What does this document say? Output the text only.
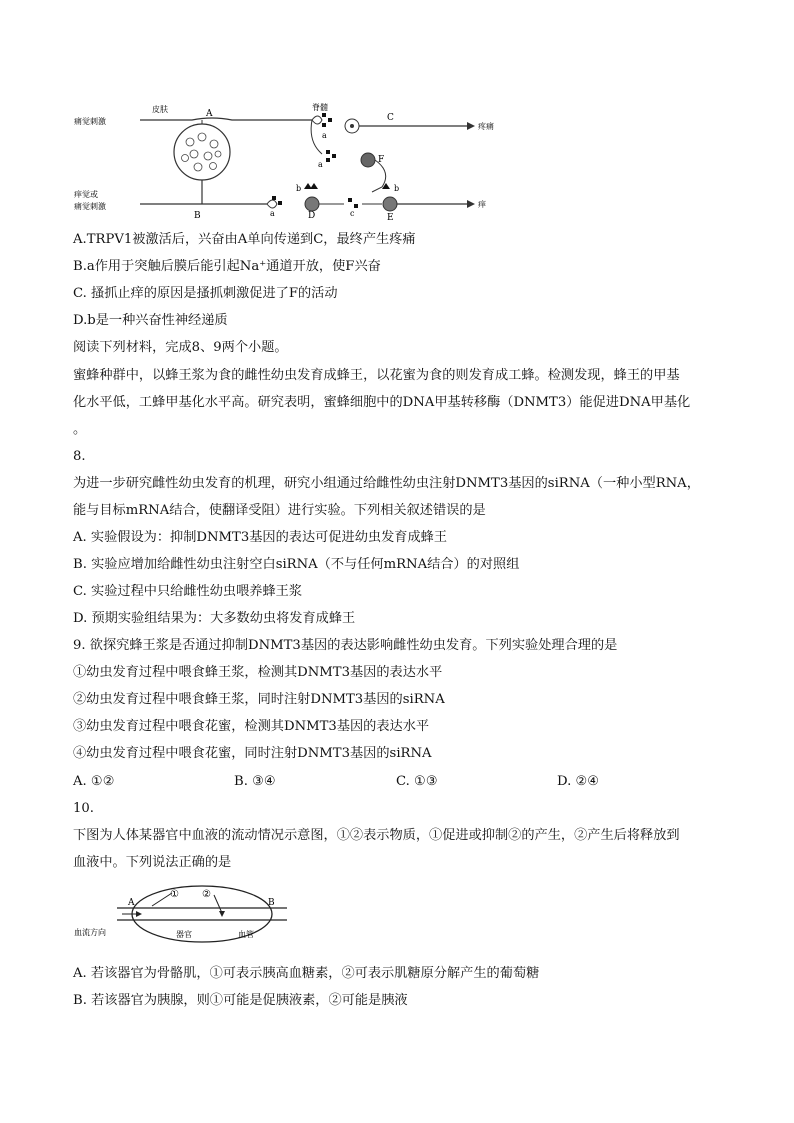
皮肤
痛觉刺激
脊髓
痒觉或
痛觉刺激
A
B
C
D	E
F
a
a
a
b	b
c
疼痛
痒
A.TRPV1被激活后，兴奋由A单向传递到C，最终产生疼痛
B.a作用于突触后膜后能引起Na⁺通道开放，使F兴奋
C. 搔抓止痒的原因是搔抓刺激促进了F的活动
D.b是一种兴奋性神经递质
阅读下列材料，完成8、9两个小题。
蜜蜂种群中，以蜂王浆为食的雌性幼虫发育成蜂王，以花蜜为食的则发育成工蜂。检测发现，蜂王的甲基
化水平低，工蜂甲基化水平高。研究表明，蜜蜂细胞中的DNA甲基转移酶（DNMT3）能促进DNA甲基化
。
8.
为进一步研究雌性幼虫发育的机理，研究小组通过给雌性幼虫注射DNMT3基因的siRNA（一种小型RNA，
能与目标mRNA结合，使翻译受阻）进行实验。下列相关叙述错误的是
A. 实验假设为：抑制DNMT3基因的表达可促进幼虫发育成蜂王
B. 实验应增加给雌性幼虫注射空白siRNA（不与任何mRNA结合）的对照组
C. 实验过程中只给雌性幼虫喂养蜂王浆
D. 预期实验组结果为：大多数幼虫将发育成蜂王
9. 欲探究蜂王浆是否通过抑制DNMT3基因的表达影响雌性幼虫发育。下列实验处理合理的是
①幼虫发育过程中喂食蜂王浆，检测其DNMT3基因的表达水平
②幼虫发育过程中喂食蜂王浆，同时注射DNMT3基因的siRNA
③幼虫发育过程中喂食花蜜，检测其DNMT3基因的表达水平
④幼虫发育过程中喂食花蜜，同时注射DNMT3基因的siRNA
A. ①②	B. ③④	C. ①③	D. ②④
10.
下图为人体某器官中血液的流动情况示意图，①②表示物质，①促进或抑制②的产生，②产生后将释放到
血液中。下列说法正确的是
A	B
① ②
血流方向	器官	血管
A. 若该器官为骨骼肌，①可表示胰高血糖素，②可表示肌糖原分解产生的葡萄糖
B. 若该器官为胰腺，则①可能是促胰液素，②可能是胰液
